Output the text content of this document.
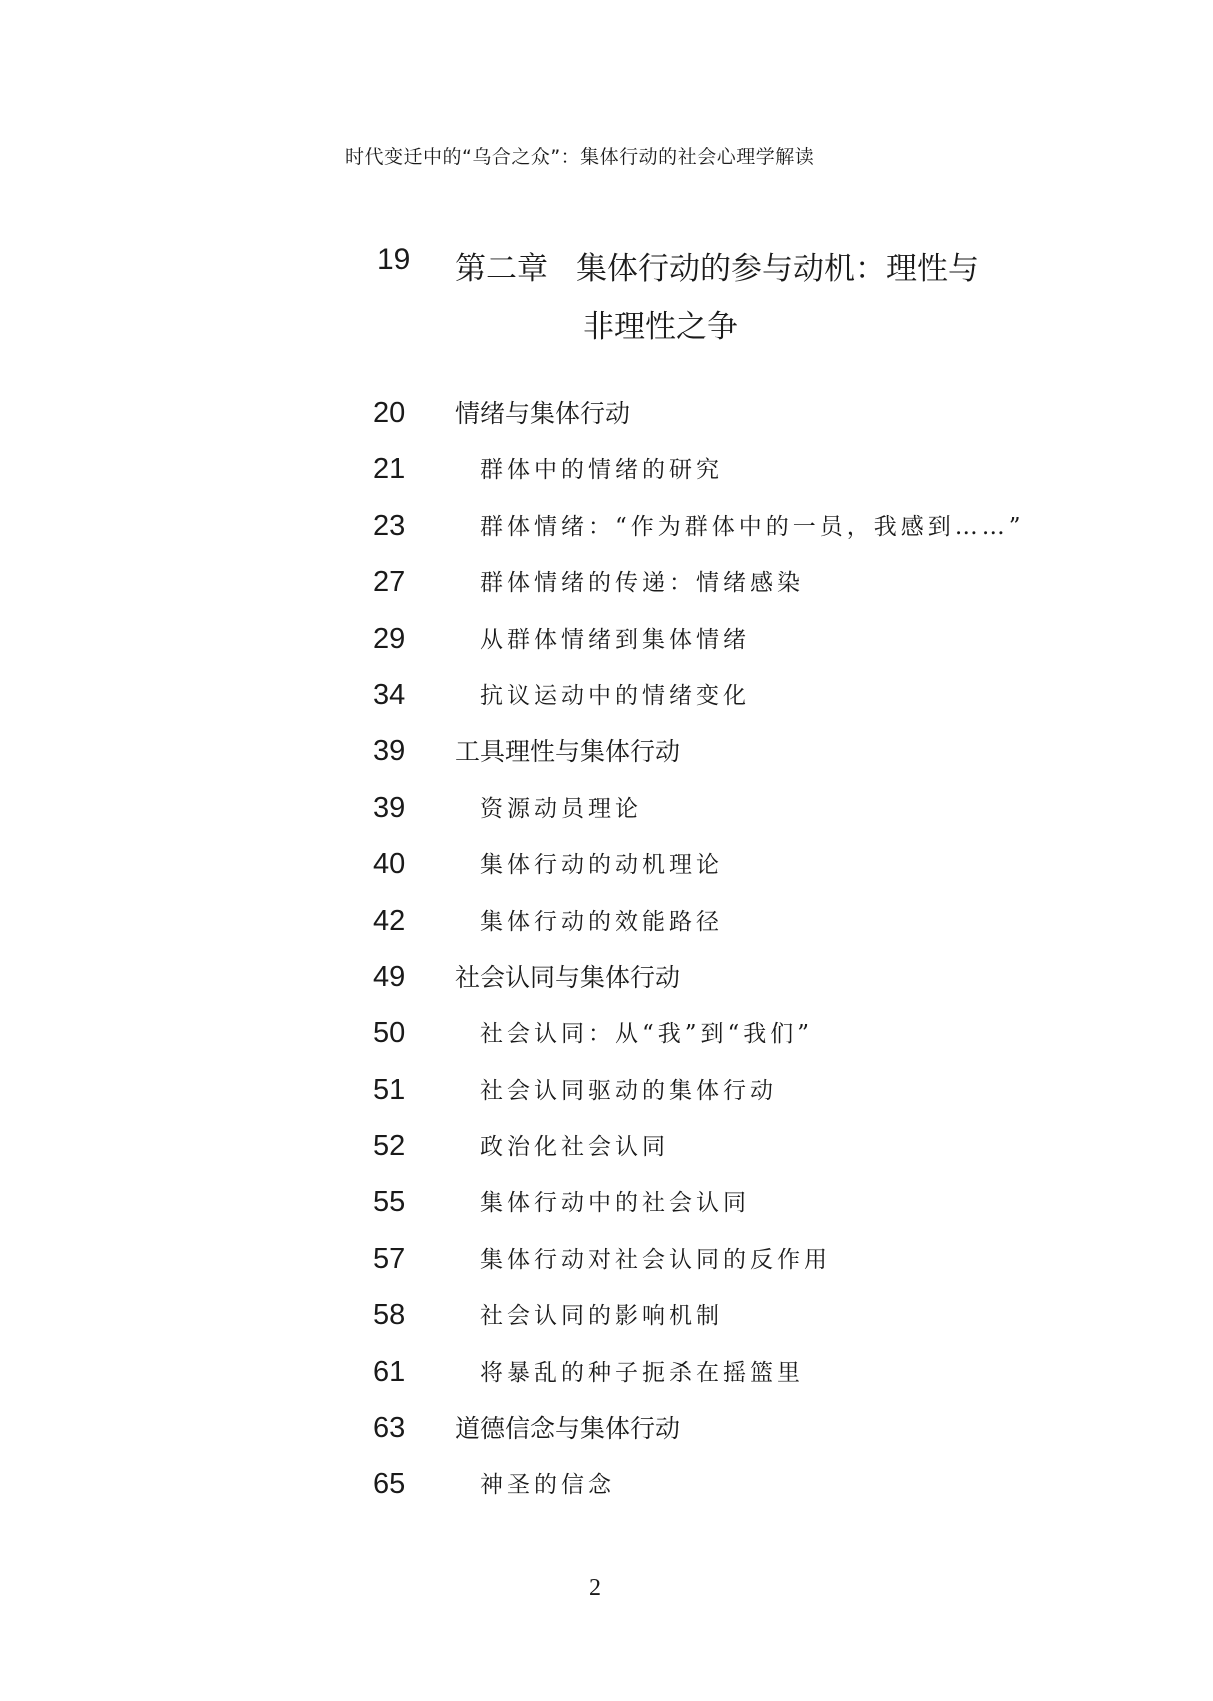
时代变迁中的“乌合之众”：集体行动的社会心理学解读
19 第二章 集体行动的参与动机：理性与
非理性之争
20 情绪与集体行动
21	群体中的情绪的研究
23	群体情绪：“作为群体中的一员，我感到……”
27	群体情绪的传递：情绪感染
29	从群体情绪到集体情绪
34	抗议运动中的情绪变化
39 工具理性与集体行动
39	资源动员理论
40	集体行动的动机理论
42	集体行动的效能路径
49 社会认同与集体行动
50	社会认同：从“我”到“我们”
51	社会认同驱动的集体行动
52	政治化社会认同
55	集体行动中的社会认同
57	集体行动对社会认同的反作用
58	社会认同的影响机制
61	将暴乱的种子扼杀在摇篮里
63 道德信念与集体行动
65	神圣的信念
2
